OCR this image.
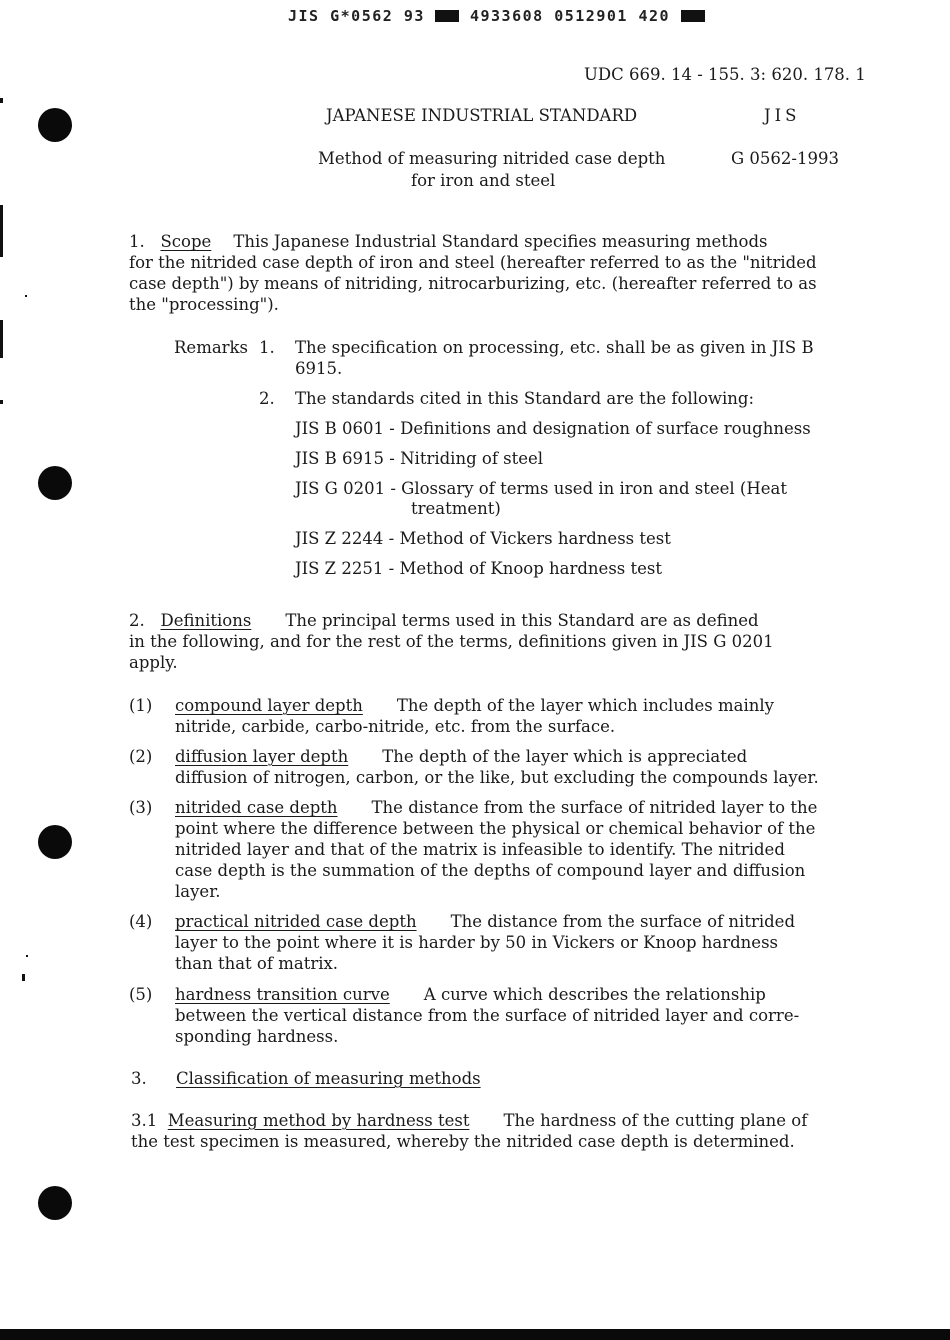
JIS G*0562 93	4933608 0512901 420

UDC 669. 14 - 155. 3: 620. 178. 1

JAPANESE INDUSTRIAL STANDARD	JIS

Method of measuring nitrided case depth

for iron and steel

G 0562-1993

1. Scope This Japanese Industrial Standard specifies measuring methods

for the nitrided case depth of iron and steel (hereafter referred to as the "nitrided

case depth") by means of nitriding, nitrocarburizing, etc. (hereafter referred to as

the "processing").

Remarks 1. The specification on processing, etc. shall be as given in JIS B

6915.

2. The standards cited in this Standard are the following:

JIS B 0601 - Definitions and designation of surface roughness

JIS B 6915 - Nitriding of steel

JIS G 0201 - Glossary of terms used in iron and steel (Heat

treatment)

JIS Z 2244 - Method of Vickers hardness test

JIS Z 2251 - Method of Knoop hardness test

2. Definitions The principal terms used in this Standard are as defined

in the following, and for the rest of the terms, definitions given in JIS G 0201

apply.

(1) compound layer depth The depth of the layer which includes mainly

nitride, carbide, carbo-nitride, etc. from the surface.

(2) diffusion layer depth The depth of the layer which is appreciated

diffusion of nitrogen, carbon, or the like, but excluding the compounds layer.

(3) nitrided case depth The distance from the surface of nitrided layer to the

point where the difference between the physical or chemical behavior of the

nitrided layer and that of the matrix is infeasible to identify. The nitrided

case depth is the summation of the depths of compound layer and diffusion

layer.

(4) practical nitrided case depth The distance from the surface of nitrided

layer to the point where it is harder by 50 in Vickers or Knoop hardness

than that of matrix.

(5) hardness transition curve A curve which describes the relationship

between the vertical distance from the surface of nitrided layer and corre-

sponding hardness.

3. Classification of measuring methods

3.1 Measuring method by hardness test The hardness of the cutting plane of

the test specimen is measured, whereby the nitrided case depth is determined.
